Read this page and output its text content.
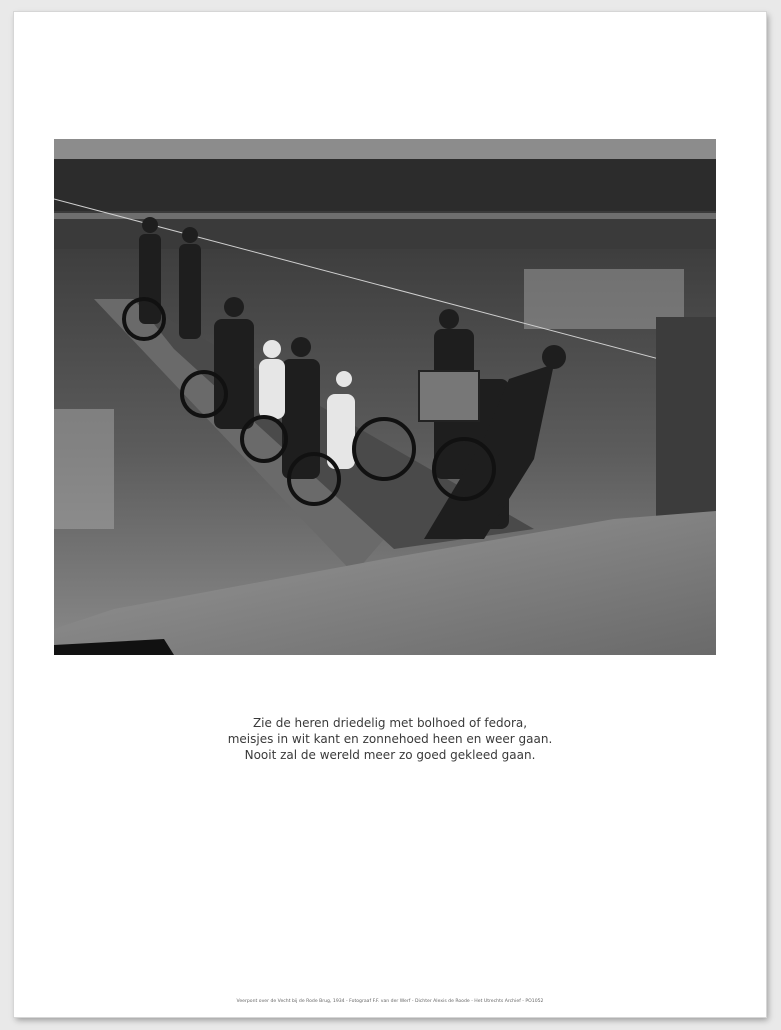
Zie de heren driedelig met bolhoed of fedora,
meisjes in wit kant en zonnehoed heen en weer gaan.
Nooit zal de wereld meer zo goed gekleed gaan.
Veerpont over de Vecht bij de Rode Brug, 1934 - Fotograaf F.F. van der Werf - Dichter Alexis de Roode - Het Utrechts Archief - PO1052
